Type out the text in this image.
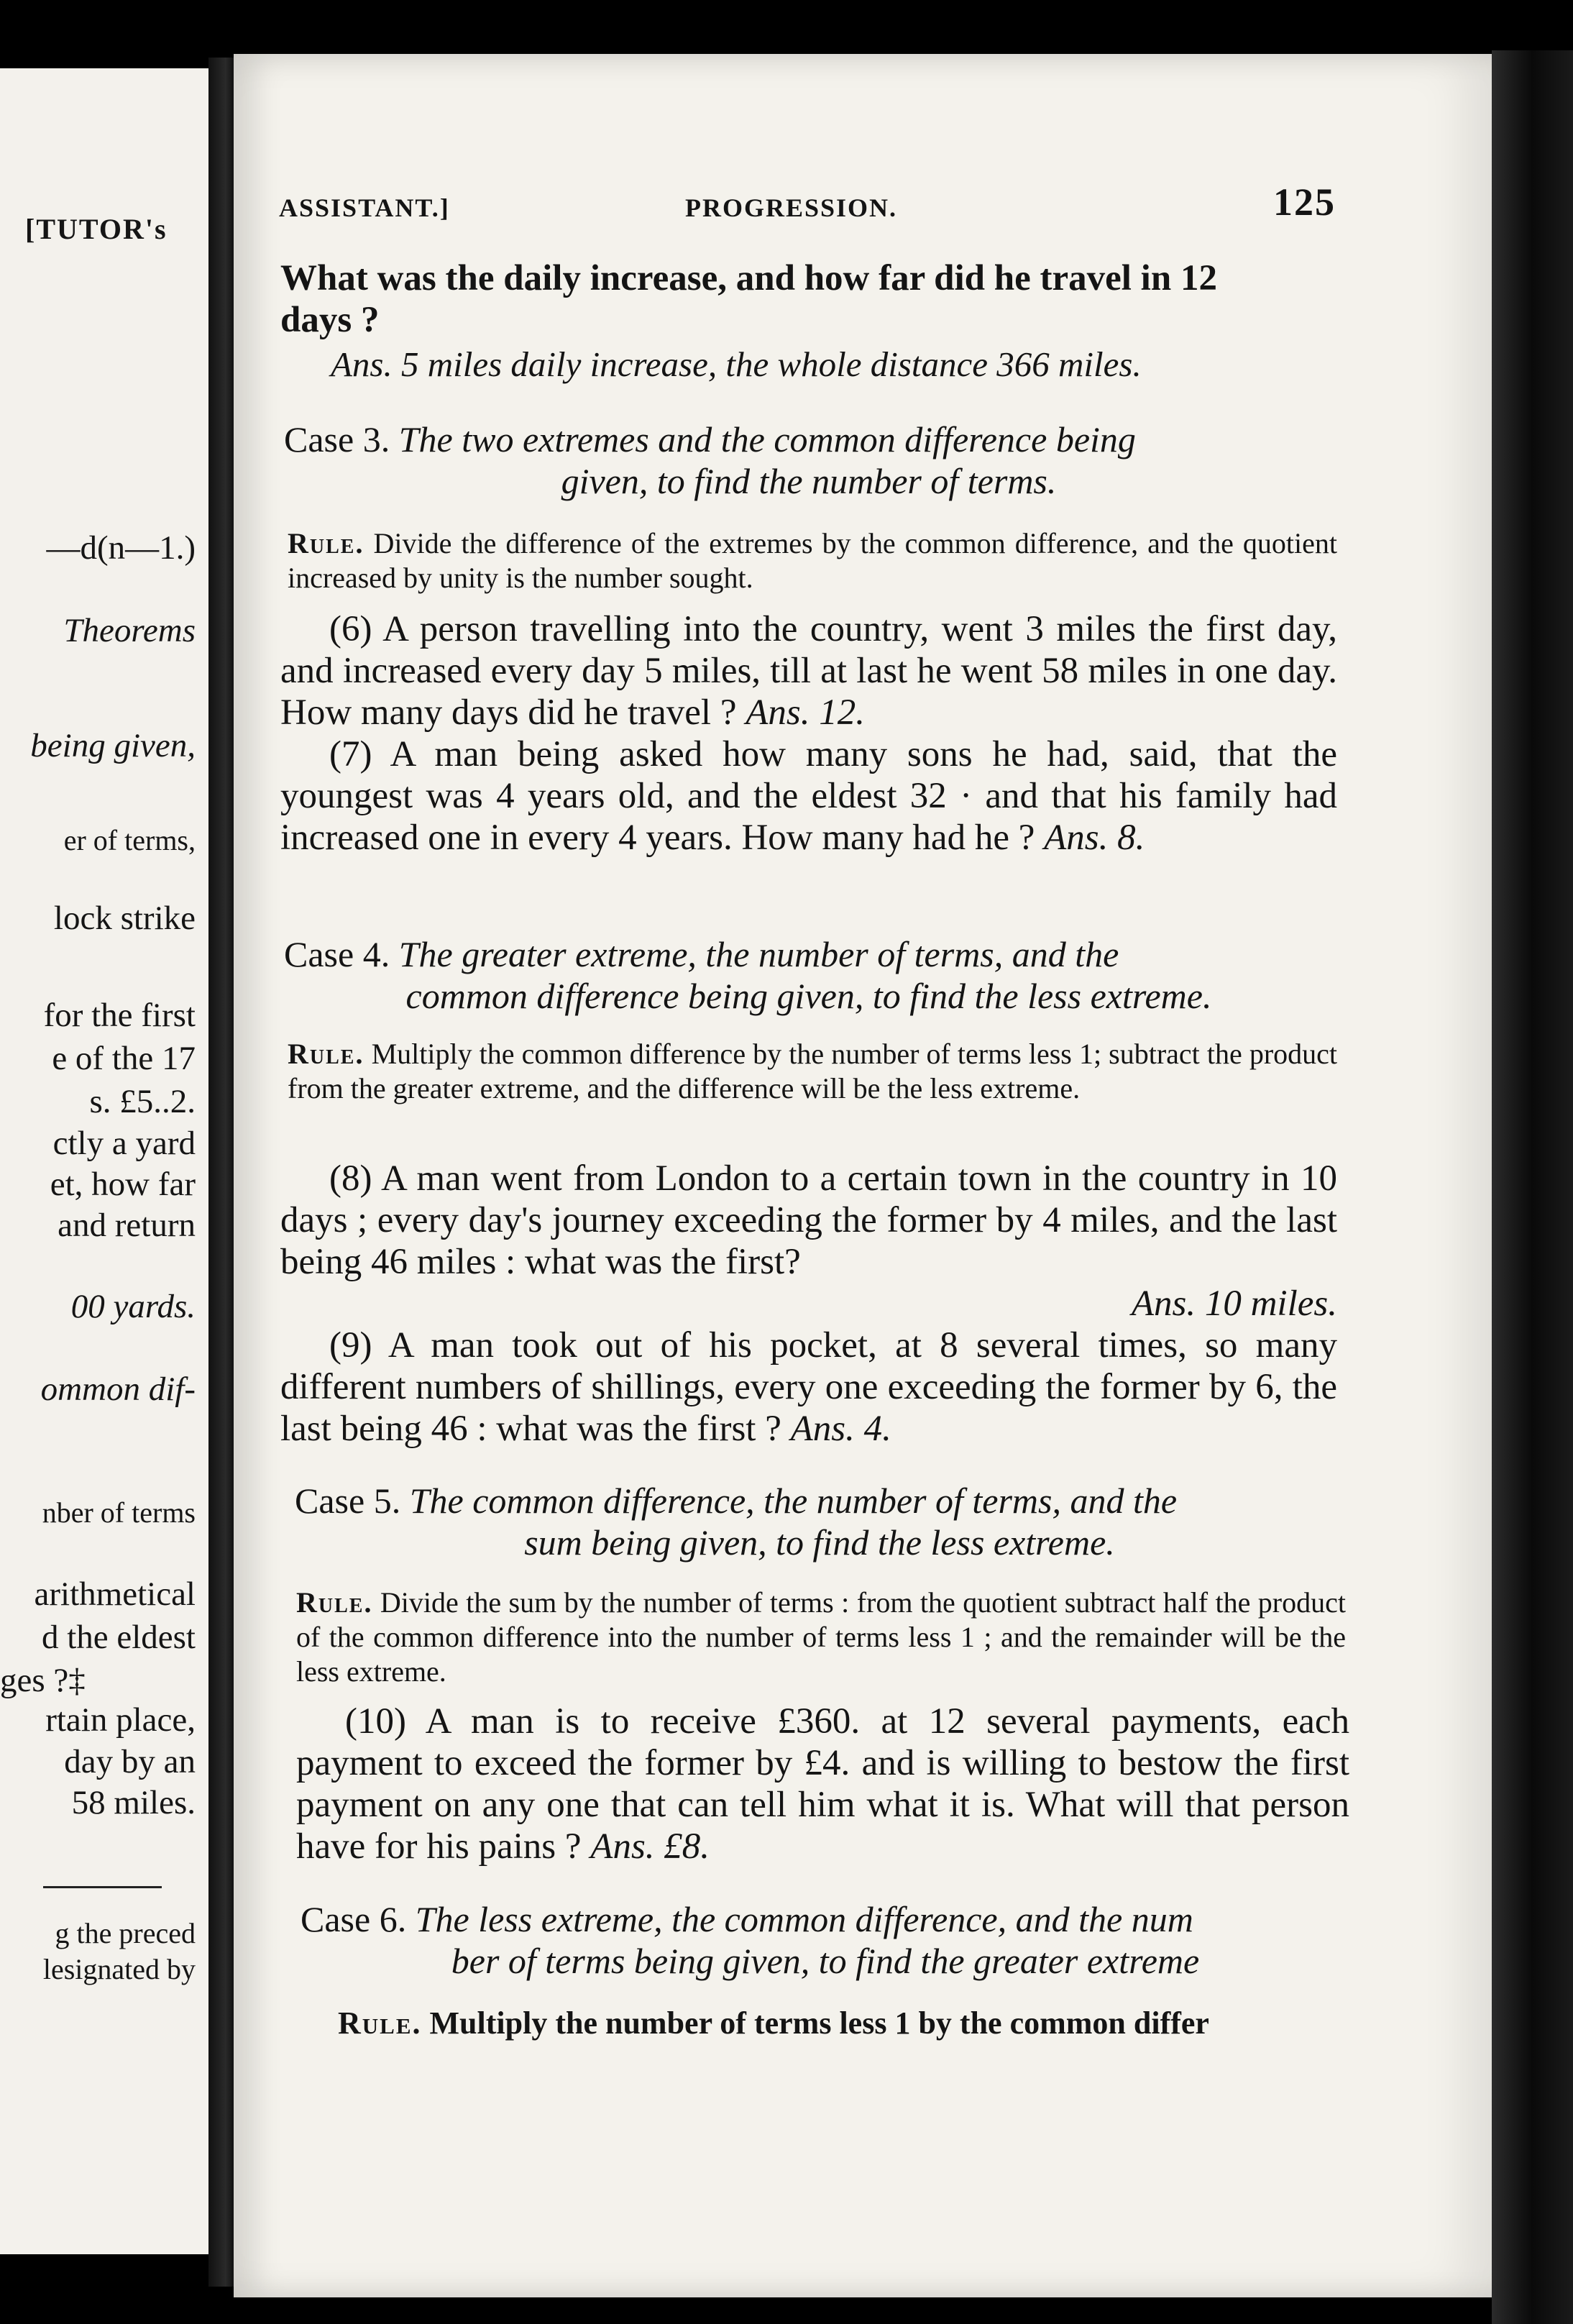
[TUTOR's
—d(n—1.)
Theorems
being given,
er of terms,
lock strike
for the first
e of the 17
s. £5..2.
ctly a yard
et, how far
and return
00 yards.
ommon dif-
nber of terms
arithmetical
d the eldest
ges ?‡
rtain place,
day by an
58 miles.
g the preced
lesignated by
ASSISTANT.]	PROGRESSION.	125
What was the daily increase, and how far did he travel in 12
days ?
Ans. 5 miles daily increase, the whole distance 366 miles.
Case 3. The two extremes and the common difference being
given, to find the number of terms.
Rule. Divide the difference of the extremes by the common difference, and the quotient increased by unity is the number sought.
(6) A person travelling into the country, went 3 miles the first day, and increased every day 5 miles, till at last he went 58 miles in one day. How many days did he travel ? Ans. 12.
(7) A man being asked how many sons he had, said, that the youngest was 4 years old, and the eldest 32 · and that his family had increased one in every 4 years. How many had he ? Ans. 8.
Case 4. The greater extreme, the number of terms, and the
common difference being given, to find the less extreme.
Rule. Multiply the common difference by the number of terms less 1; subtract the product from the greater extreme, and the difference will be the less extreme.
(8) A man went from London to a certain town in the country in 10 days ; every day's journey exceeding the former by 4 miles, and the last being 46 miles : what was the first?
Ans. 10 miles.
(9) A man took out of his pocket, at 8 several times, so many different numbers of shillings, every one exceeding the former by 6, the last being 46 : what was the first ? Ans. 4.
Case 5. The common difference, the number of terms, and the
sum being given, to find the less extreme.
Rule. Divide the sum by the number of terms : from the quotient subtract half the product of the common difference into the number of terms less 1 ; and the remainder will be the less extreme.
(10) A man is to receive £360. at 12 several payments, each payment to exceed the former by £4. and is willing to bestow the first payment on any one that can tell him what it is. What will that person have for his pains ? Ans. £8.
Case 6. The less extreme, the common difference, and the num
ber of terms being given, to find the greater extreme
Rule. Multiply the number of terms less 1 by the common differ
